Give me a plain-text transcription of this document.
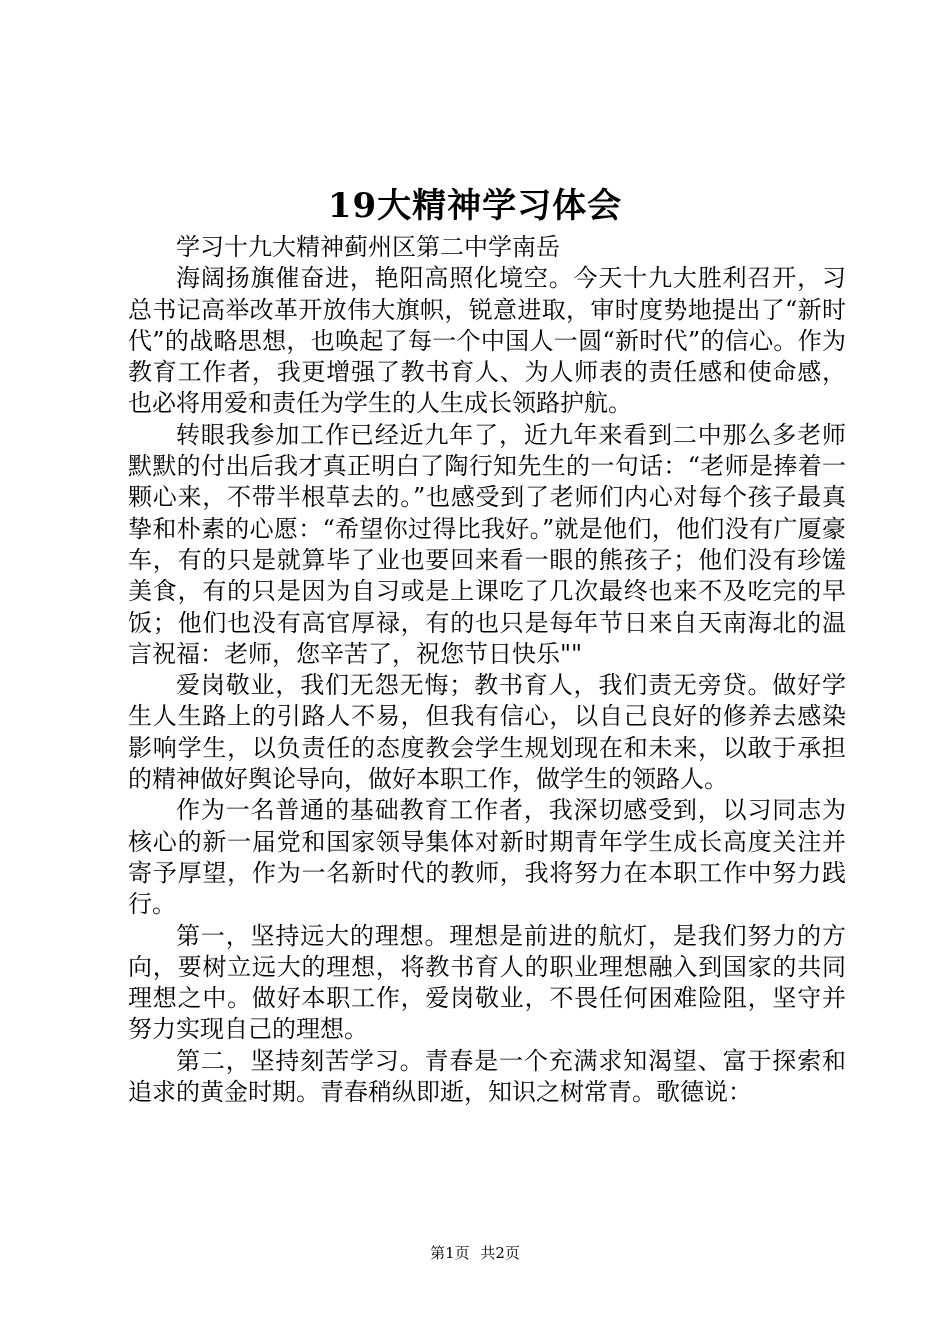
19大精神学习体会

学习十九大精神蓟州区第二中学南岳

海阔扬旗催奋进，艳阳高照化境空。今天十九大胜利召开，习总书记高举改革开放伟大旗帜，锐意进取，审时度势地提出了“新时代”的战略思想，也唤起了每一个中国人一圆“新时代”的信心。作为教育工作者，我更增强了教书育人、为人师表的责任感和使命感，也必将用爱和责任为学生的人生成长领路护航。

转眼我参加工作已经近九年了，近九年来看到二中那么多老师默默的付出后我才真正明白了陶行知先生的一句话：“老师是捧着一颗心来，不带半根草去的。”也感受到了老师们内心对每个孩子最真挚和朴素的心愿：“希望你过得比我好。”就是他们，他们没有广厦豪车，有的只是就算毕了业也要回来看一眼的熊孩子；他们没有珍馐美食，有的只是因为自习或是上课吃了几次最终也来不及吃完的早饭；他们也没有高官厚禄，有的也只是每年节日来自天南海北的温言祝福：老师，您辛苦了，祝您节日快乐""

爱岗敬业，我们无怨无悔；教书育人，我们责无旁贷。做好学生人生路上的引路人不易，但我有信心，以自己良好的修养去感染影响学生，以负责任的态度教会学生规划现在和未来，以敢于承担的精神做好舆论导向，做好本职工作，做学生的领路人。

作为一名普通的基础教育工作者，我深切感受到，以习同志为核心的新一届党和国家领导集体对新时期青年学生成长高度关注并寄予厚望，作为一名新时代的教师，我将努力在本职工作中努力践行。

第一，坚持远大的理想。理想是前进的航灯，是我们努力的方向，要树立远大的理想，将教书育人的职业理想融入到国家的共同理想之中。做好本职工作，爱岗敬业，不畏任何困难险阻，坚守并努力实现自己的理想。

第二，坚持刻苦学习。青春是一个充满求知渴望、富于探索和追求的黄金时期。青春稍纵即逝，知识之树常青。歌德说：

第1页 共2页
